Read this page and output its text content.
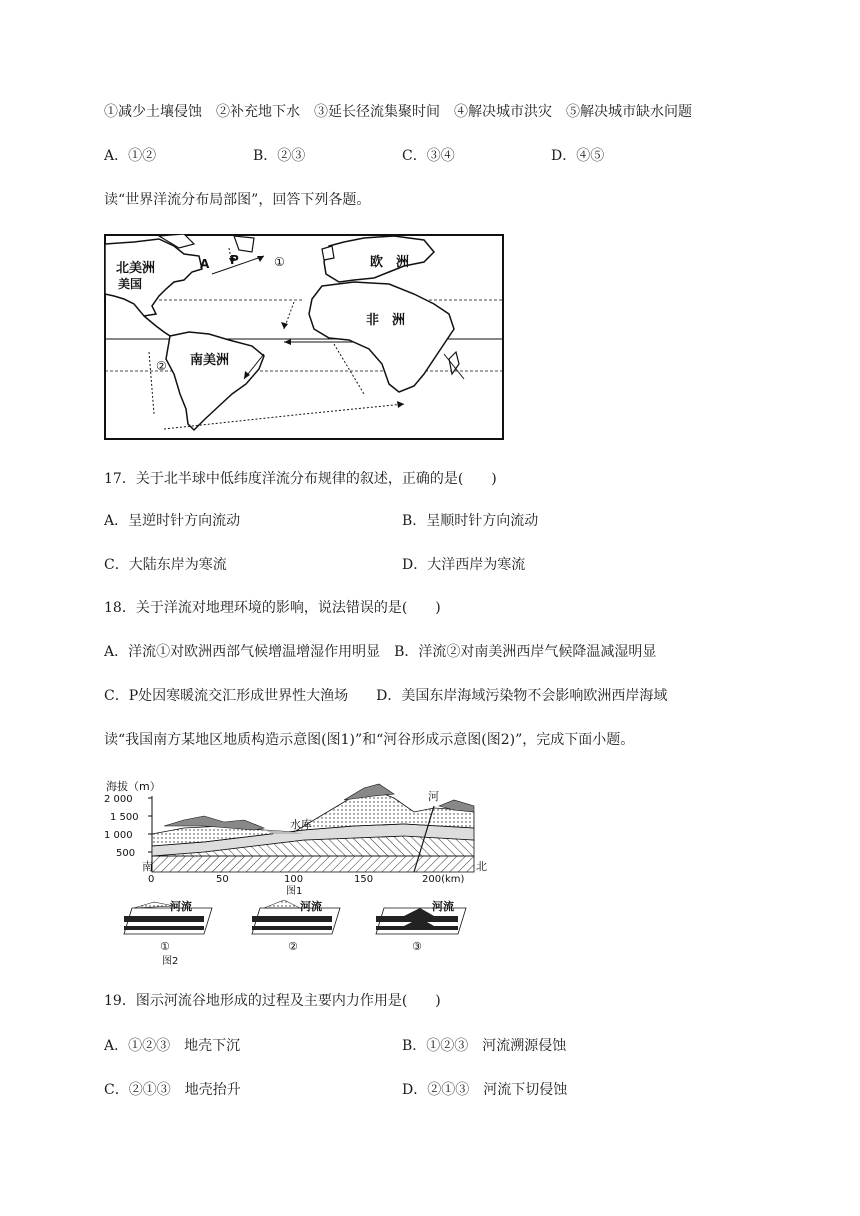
①减少土壤侵蚀　②补充地下水　③延长径流集聚时间　④解决城市洪灾　⑤解决城市缺水问题
A．①②	B．②③	C．③④	D．④⑤
读“世界洋流分布局部图”，回答下列各题。
北美洲
美国
A P	①	欧　洲
非　洲
南美洲
②
17．关于北半球中低纬度洋流分布规律的叙述，正确的是(　　)
A．呈逆时针方向流动	B．呈顺时针方向流动
C．大陆东岸为寒流	D．大洋西岸为寒流
18．关于洋流对地理环境的影响，说法错误的是(　　)
A．洋流①对欧洲西部气候增温增湿作用明显　B．洋流②对南美洲西岸气候降温减湿明显
C．P处因寒暖流交汇形成世界性大渔场　　D．美国东岸海域污染物不会影响欧洲西岸海域
读“我国南方某地区地质构造示意图(图1)”和“河谷形成示意图(图2)”，完成下面小题。
海拔（m）
2 000
1 500
1 000
500
水库
河
南	北
0	50	100	150	200(km)
图1
河流	河流	河流
①	②	③
图2
19．图示河流谷地形成的过程及主要内力作用是(　　)
A．①②③　地壳下沉	B．①②③　河流溯源侵蚀
C．②①③　地壳抬升	D．②①③　河流下切侵蚀
